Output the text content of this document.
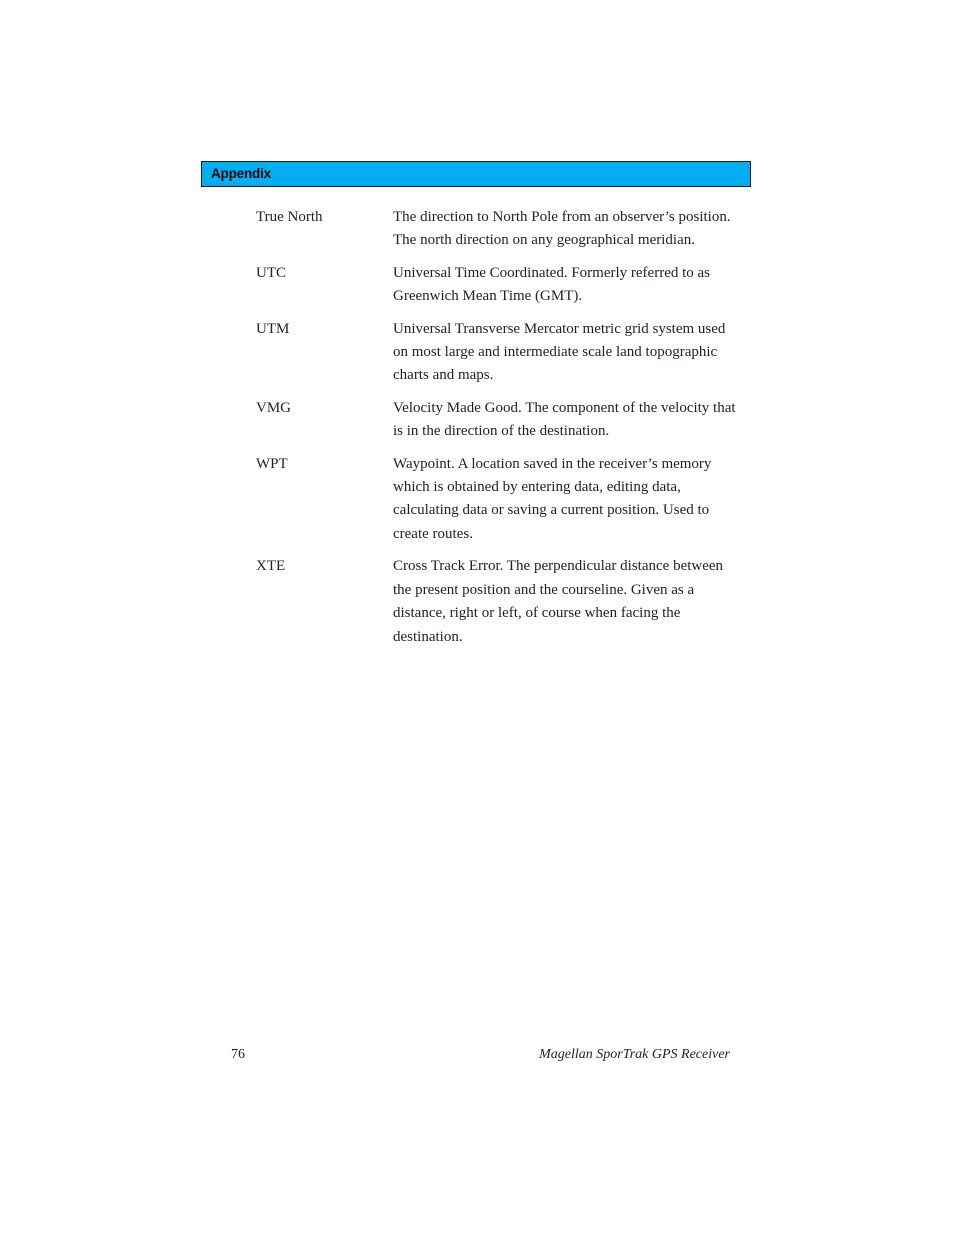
Appendix
True North	The direction to North Pole from an observer’s position. The north direction on any geographical meridian.
UTC	Universal Time Coordinated. Formerly referred to as Greenwich Mean Time (GMT).
UTM	Universal Transverse Mercator metric grid system used on most large and intermediate scale land topographic charts and maps.
VMG	Velocity Made Good. The component of the velocity that is in the direction of the destination.
WPT	Waypoint. A location saved in the receiver’s memory which is obtained by entering data, editing data, calculating data or saving a current position. Used to create routes.
XTE	Cross Track Error. The perpendicular distance between the present position and the courseline. Given as a distance, right or left, of course when facing the destination.
76	Magellan SporTrak GPS Receiver
